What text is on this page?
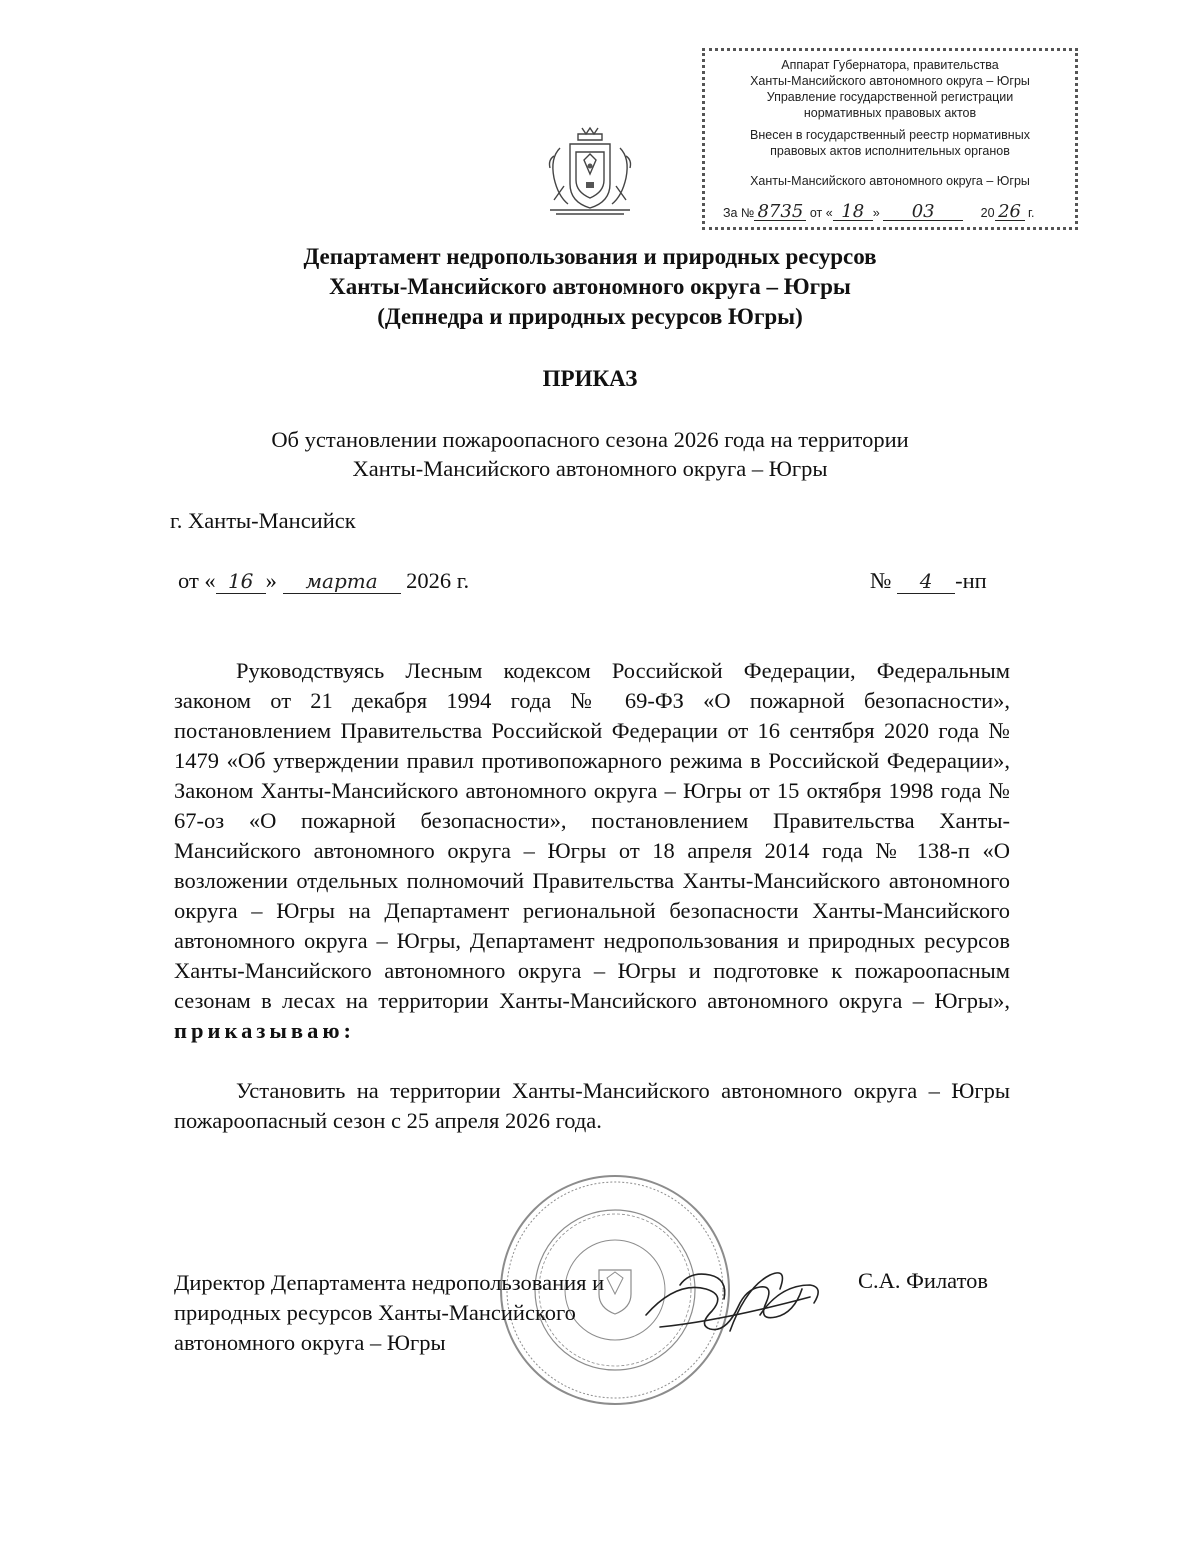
Аппарат Губернатора, правительства
Ханты-Мансийского автономного округа – Югры
Управление государственной регистрации
нормативных правовых актов
Внесен в государственный реестр нормативных
правовых актов исполнительных органов
Ханты-Мансийского автономного округа – Югры
За № 8735 от « 18 » 03	20 26 г.
Департамент недропользования и природных ресурсов
Ханты-Мансийского автономного округа – Югры
(Депнедра и природных ресурсов Югры)
ПРИКАЗ
Об установлении пожароопасного сезона 2026 года на территории
Ханты-Мансийского автономного округа – Югры
г. Ханты-Мансийск
от « 16 » марта 2026 г.	№ 4 -нп

Руководствуясь Лесным кодексом Российской Федерации, Федеральным законом от 21 декабря 1994 года № 69-ФЗ «О пожарной безопасности», постановлением Правительства Российской Федерации от 16 сентября 2020 года № 1479 «Об утверждении правил противопожарного режима в Российской Федерации», Законом Ханты-Мансийского автономного округа – Югры от 15 октября 1998 года № 67-оз «О пожарной безопасности», постановлением Правительства Ханты-Мансийского автономного округа – Югры от 18 апреля 2014 года № 138-п «О возложении отдельных полномочий Правительства Ханты-Мансийского автономного округа – Югры на Департамент региональной безопасности Ханты-Мансийского автономного округа – Югры, Департамент недропользования и природных ресурсов Ханты-Мансийского автономного округа – Югры и подготовке к пожароопасным сезонам в лесах на территории Ханты-Мансийского автономного округа – Югры», приказываю:

Установить на территории Ханты-Мансийского автономного округа – Югры пожароопасный сезон с 25 апреля 2026 года.

Директор Департамента недропользования и
природных ресурсов Ханты-Мансийского
автономного округа – Югры
С.А. Филатов
